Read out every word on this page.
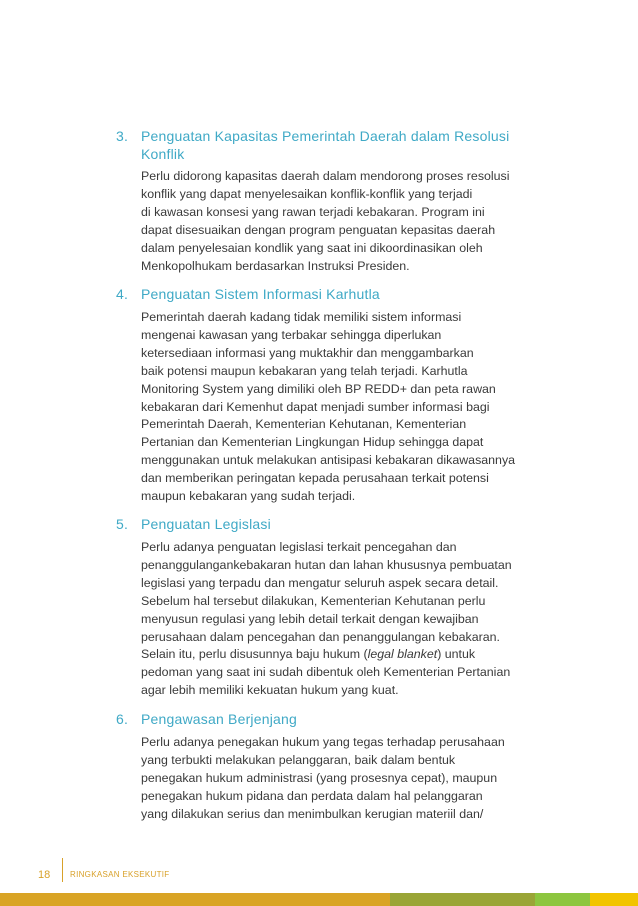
3. Penguatan Kapasitas Pemerintah Daerah dalam Resolusi
Konflik
Perlu didorong kapasitas daerah dalam mendorong proses resolusi
konflik yang dapat menyelesaikan konflik-konflik yang terjadi
di kawasan konsesi yang rawan terjadi kebakaran. Program ini
dapat disesuaikan dengan program penguatan kepasitas daerah
dalam penyelesaian kondlik yang saat ini dikoordinasikan oleh
Menkopolhukam berdasarkan Instruksi Presiden.
4. Penguatan Sistem Informasi Karhutla
Pemerintah daerah kadang tidak memiliki sistem informasi
mengenai kawasan yang terbakar sehingga diperlukan
ketersediaan informasi yang muktakhir dan menggambarkan
baik potensi maupun kebakaran yang telah terjadi. Karhutla
Monitoring System yang dimiliki oleh BP REDD+ dan peta rawan
kebakaran dari Kemenhut dapat menjadi sumber informasi bagi
Pemerintah Daerah, Kementerian Kehutanan, Kementerian
Pertanian dan Kementerian Lingkungan Hidup sehingga dapat
menggunakan untuk melakukan antisipasi kebakaran dikawasannya
dan memberikan peringatan kepada perusahaan terkait potensi
maupun kebakaran yang sudah terjadi.
5. Penguatan Legislasi
Perlu adanya penguatan legislasi terkait pencegahan dan
penanggulangankebakaran hutan dan lahan khususnya pembuatan
legislasi yang terpadu dan mengatur seluruh aspek secara detail.
Sebelum hal tersebut dilakukan, Kementerian Kehutanan perlu
menyusun regulasi yang lebih detail terkait dengan kewajiban
perusahaan dalam pencegahan dan penanggulangan kebakaran.
Selain itu, perlu disusunnya baju hukum (legal blanket) untuk
pedoman yang saat ini sudah dibentuk oleh Kementerian Pertanian
agar lebih memiliki kekuatan hukum yang kuat.
6. Pengawasan Berjenjang
Perlu adanya penegakan hukum yang tegas terhadap perusahaan
yang terbukti melakukan pelanggaran, baik dalam bentuk
penegakan hukum administrasi (yang prosesnya cepat), maupun
penegakan hukum pidana dan perdata dalam hal pelanggaran
yang dilakukan serius dan menimbulkan kerugian materiil dan/
18 RINGKASAN EKSEKUTIF
